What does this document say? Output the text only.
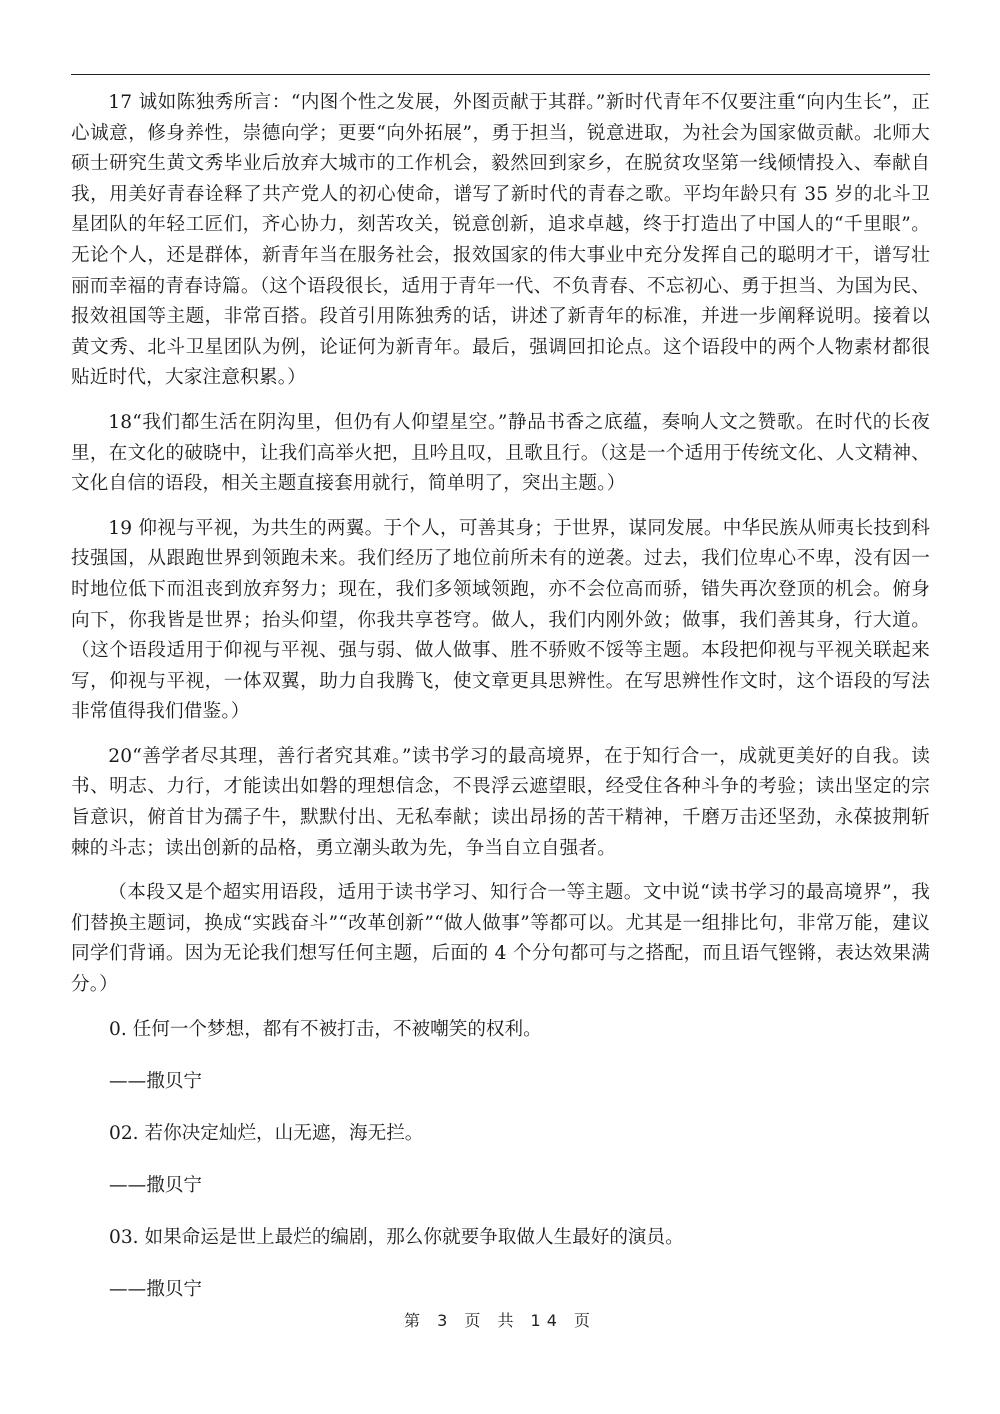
17 诚如陈独秀所言：“内图个性之发展，外图贡献于其群。”新时代青年不仅要注重“向内生长”，正心诚意，修身养性，崇德向学；更要“向外拓展”，勇于担当，锐意进取，为社会为国家做贡献。北师大硕士研究生黄文秀毕业后放弃大城市的工作机会，毅然回到家乡，在脱贫攻坚第一线倾情投入、奉献自我，用美好青春诠释了共产党人的初心使命，谱写了新时代的青春之歌。平均年龄只有 35 岁的北斗卫星团队的年轻工匠们，齐心协力，刻苦攻关，锐意创新，追求卓越，终于打造出了中国人的“千里眼”。无论个人，还是群体，新青年当在服务社会，报效国家的伟大事业中充分发挥自己的聪明才干，谱写壮丽而幸福的青春诗篇。（这个语段很长，适用于青年一代、不负青春、不忘初心、勇于担当、为国为民、报效祖国等主题，非常百搭。段首引用陈独秀的话，讲述了新青年的标准，并进一步阐释说明。接着以黄文秀、北斗卫星团队为例，论证何为新青年。最后，强调回扣论点。这个语段中的两个人物素材都很贴近时代，大家注意积累。）

18“我们都生活在阴沟里，但仍有人仰望星空。”静品书香之底蕴，奏响人文之赞歌。在时代的长夜里，在文化的破晓中，让我们高举火把，且吟且叹，且歌且行。（这是一个适用于传统文化、人文精神、文化自信的语段，相关主题直接套用就行，简单明了，突出主题。）

19 仰视与平视，为共生的两翼。于个人，可善其身；于世界，谋同发展。中华民族从师夷长技到科技强国，从跟跑世界到领跑未来。我们经历了地位前所未有的逆袭。过去，我们位卑心不卑，没有因一时地位低下而沮丧到放弃努力；现在，我们多领域领跑，亦不会位高而骄，错失再次登顶的机会。俯身向下，你我皆是世界；抬头仰望，你我共享苍穹。做人，我们内刚外敛；做事，我们善其身，行大道。（这个语段适用于仰视与平视、强与弱、做人做事、胜不骄败不馁等主题。本段把仰视与平视关联起来写，仰视与平视，一体双翼，助力自我腾飞，使文章更具思辨性。在写思辨性作文时，这个语段的写法非常值得我们借鉴。）

20“善学者尽其理，善行者究其难。”读书学习的最高境界，在于知行合一，成就更美好的自我。读书、明志、力行，才能读出如磐的理想信念，不畏浮云遮望眼，经受住各种斗争的考验；读出坚定的宗旨意识，俯首甘为孺子牛，默默付出、无私奉献；读出昂扬的苦干精神，千磨万击还坚劲，永葆披荆斩棘的斗志；读出创新的品格，勇立潮头敢为先，争当自立自强者。

（本段又是个超实用语段，适用于读书学习、知行合一等主题。文中说“读书学习的最高境界”，我们替换主题词，换成“实践奋斗”“改革创新”“做人做事”等都可以。尤其是一组排比句，非常万能，建议同学们背诵。因为无论我们想写任何主题，后面的 4 个分句都可与之搭配，而且语气铿锵，表达效果满分。）

0. 任何一个梦想，都有不被打击，不被嘲笑的权利。

——撒贝宁

02. 若你决定灿烂，山无遮，海无拦。

——撒贝宁

03. 如果命运是世上最烂的编剧，那么你就要争取做人生最好的演员。

——撒贝宁

第 3 页 共 14 页
